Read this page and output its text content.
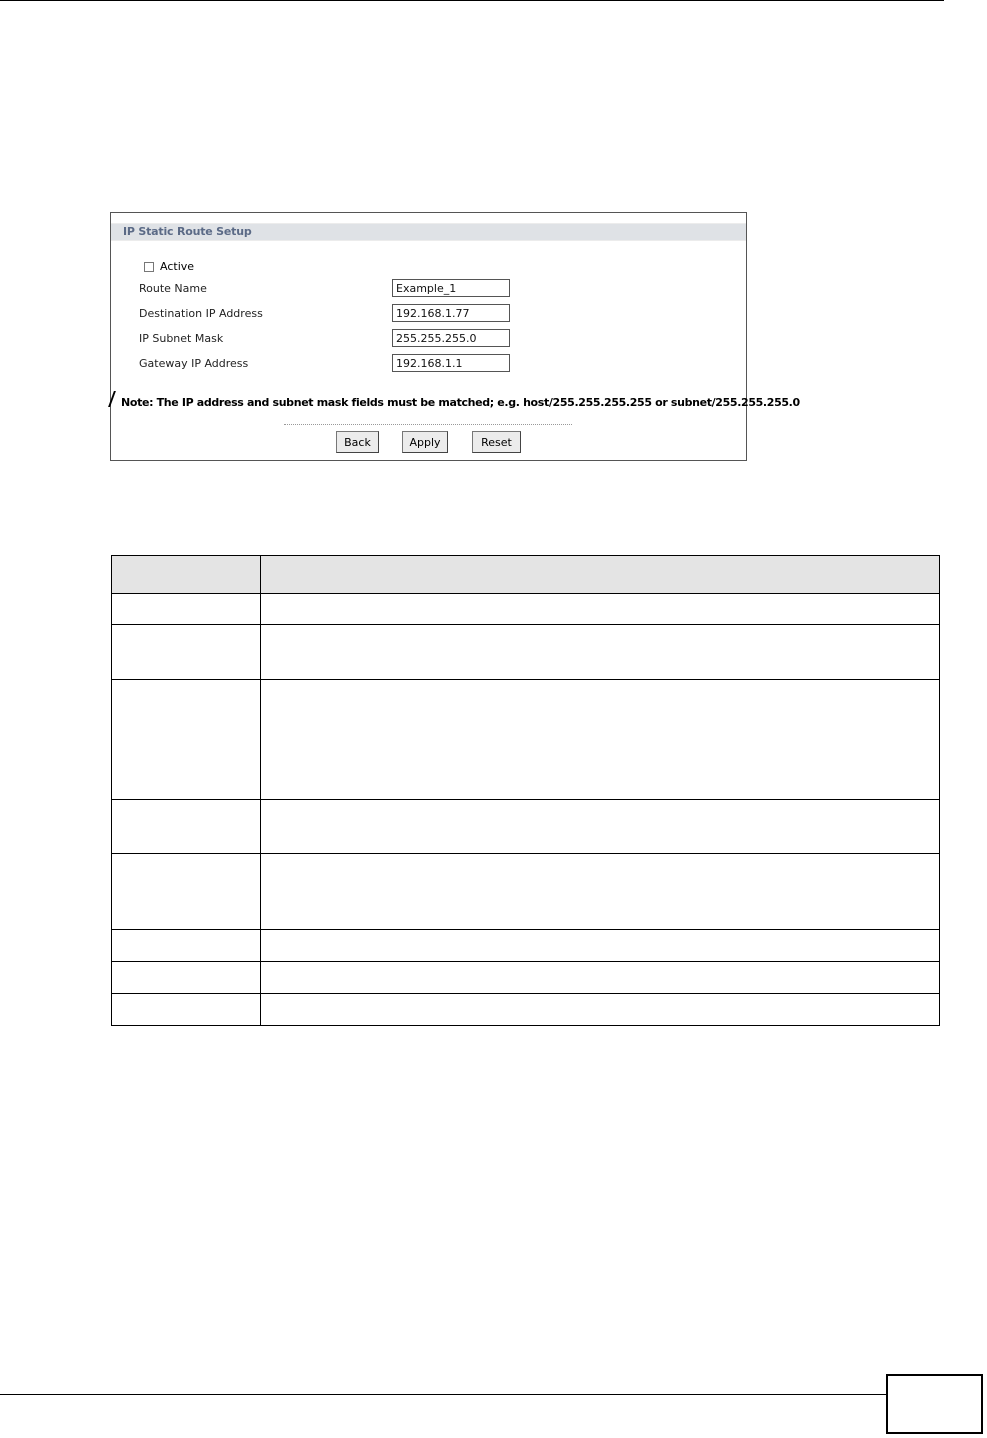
IP Static Route Setup
Active
Route Name
Example_1
Destination IP Address
192.168.1.77
IP Subnet Mask
255.255.255.0
Gateway IP Address
192.168.1.1
Note: The IP address and subnet mask fields must be matched; e.g. host/255.255.255.255 or subnet/255.255.255.0
Back	Apply	Reset
